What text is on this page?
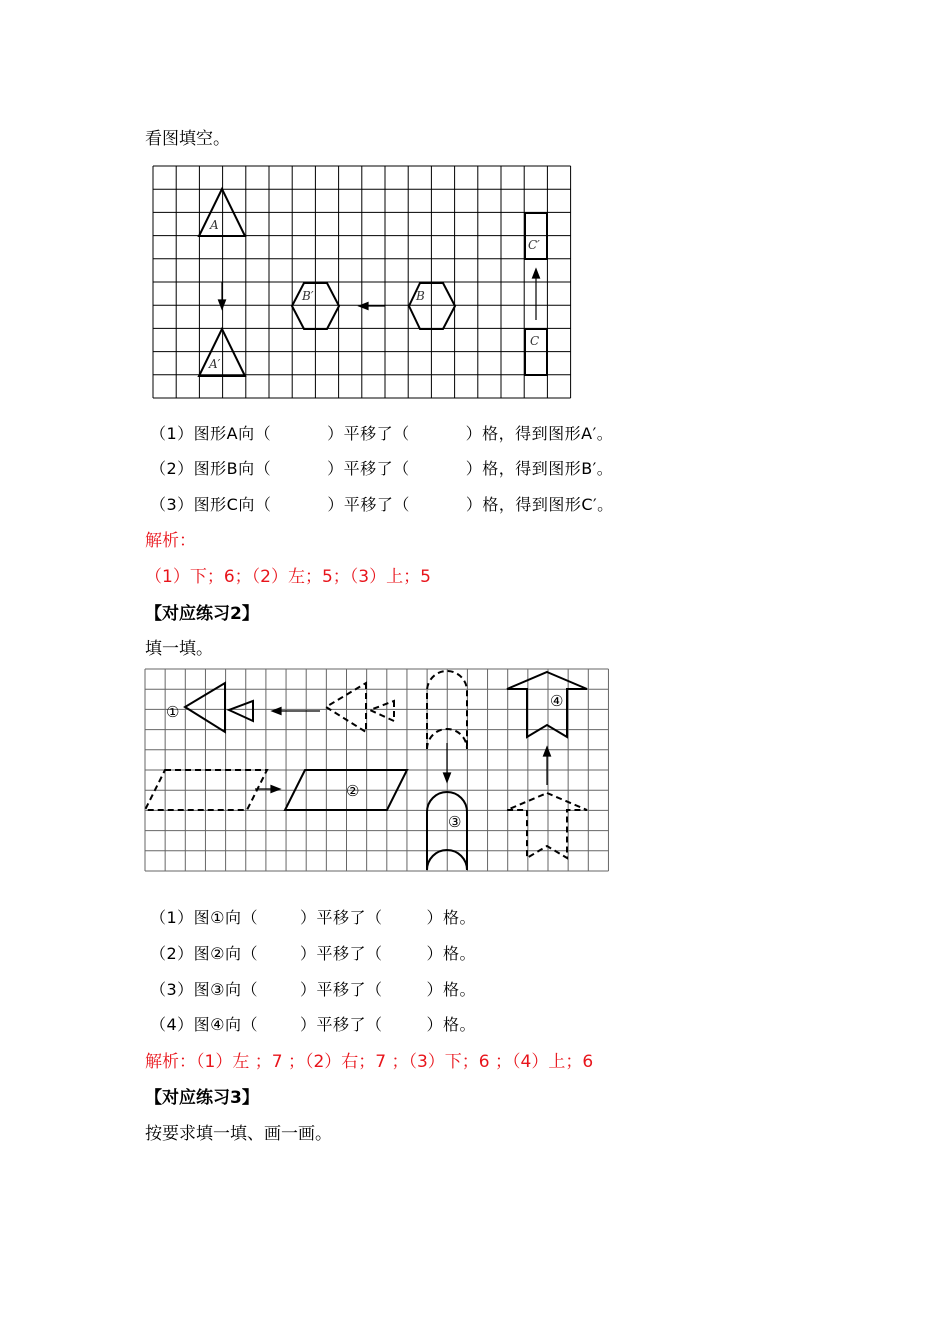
看图填空。
A
A′
B′	B
C′
C
（1）图形A向（	）平移了（	）格，得到图形A′。
（2）图形B向（	）平移了（	）格，得到图形B′。
（3）图形C向（	）平移了（	）格，得到图形C′。
解析：
（1）下；6；（2）左；5；（3）上；5
【对应练习2】
填一填。
①
②
③
④
（1）图①向（	）平移了（	）格。
（2）图②向（	）平移了（	）格。
（3）图③向（	）平移了（	）格。
（4）图④向（	）平移了（	）格。
解析：（1）左 ；7 ；（2）右；7 ；（3）下；6 ；（4）上；6
【对应练习3】
按要求填一填、画一画。
